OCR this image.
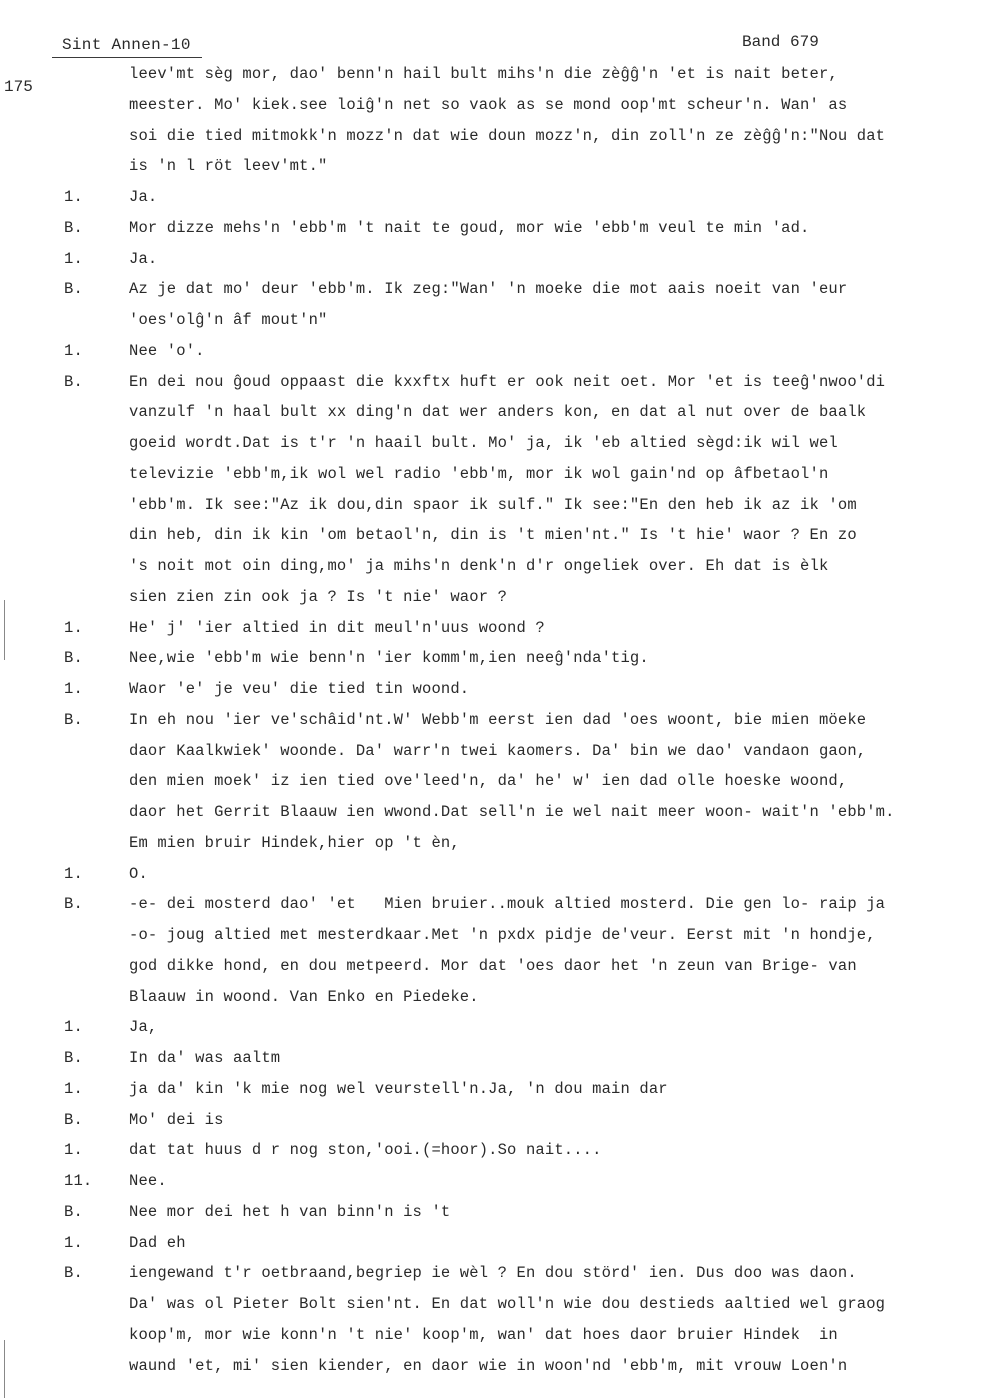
Sint Annen-10	Band 679
175
leev'mt sèg mor, dao' benn'n hail bult mihs'n die zèĝĝ'n 'et is nait beter,
meester. Mo' kiek.see loiĝ'n net so vaok as se mond oop'mt scheur'n. Wan' as
soi die tied mitmokk'n mozz'n dat wie doun mozz'n, din zoll'n ze zèĝĝ'n:"Nou dat
is 'n l röt leev'mt."
1.	Ja.
B.	Mor dizze mehs'n 'ebb'm 't nait te goud, mor wie 'ebb'm veul te min 'ad.
1.	Ja.
B.	Az je dat mo' deur 'ebb'm. Ik zeg:"Wan' 'n moeke die mot aais noeit van 'eur
'oes'olĝ'n âf mout'n"
1.	Nee 'o'.
B.	En dei nou ĝoud oppaast die kxxftx huft er ook neit oet. Mor 'et is teeĝ'nwoo'di
vanzulf 'n haal bult xx ding'n dat wer anders kon, en dat al nut over de baalk
goeid wordt.Dat is t'r 'n haail bult. Mo' ja, ik 'eb altied sègd:ik wil wel
televizie 'ebb'm,ik wol wel radio 'ebb'm, mor ik wol gain'nd op âfbetaol'n
'ebb'm. Ik see:"Az ik dou,din spaor ik sulf." Ik see:"En den heb ik az ik 'om
din heb, din ik kin 'om betaol'n, din is 't mien'nt." Is 't hie' waor ? En zo
's noit mot oin ding,mo' ja mihs'n denk'n d'r ongeliek over. Eh dat is èlk
sien zien zin ook ja ? Is 't nie' waor ?
1.	He' j' 'ier altied in dit meul'n'uus woond ?
B.	Nee,wie 'ebb'm wie benn'n 'ier komm'm,ien neeĝ'nda'tig.
1.	Waor 'e' je veu' die tied tin woond.
B.	In eh nou 'ier ve'schâid'nt.W' Webb'm eerst ien dad 'oes woont, bie mien möeke
daor Kaalkwiek' woonde. Da' warr'n twei kaomers. Da' bin we dao' vandaon gaon,
den mien moek' iz ien tied ove'leed'n, da' he' w' ien dad olle hoeske woond,
daor het Gerrit Blaauw ien wwond.Dat sell'n ie wel nait meer woon- wait'n 'ebb'm.
Em mien bruir Hindek,hier op 't èn,
1.	O.
B.	-e- dei mosterd dao' 'et   Mien bruier..mouk altied mosterd. Die gen lo- raip ja
-o- joug altied met mesterdkaar.Met 'n pxdx pidje de'veur. Eerst mit 'n hondje,
god dikke hond, en dou metpeerd. Mor dat 'oes daor het 'n zeun van Brige- van
Blaauw in woond. Van Enko en Piedeke.
1.	Ja,
B.	In da' was aaltm
1.	ja da' kin 'k mie nog wel veurstell'n.Ja, 'n dou main dar
B.	Mo' dei is
1.	dat tat huus d r nog ston,'ooi.(=hoor).So nait....
11.	Nee.
B.	Nee mor dei het h van binn'n is 't
1.	Dad eh
B.	iengewand t'r oetbraand,begriep ie wèl ? En dou störd' ien. Dus doo was daon.
Da' was ol Pieter Bolt sien'nt. En dat woll'n wie dou destieds aaltied wel graog
koop'm, mor wie konn'n 't nie' koop'm, wan' dat hoes daor bruier Hindek  in
waund 'et, mi' sien kiender, en daor wie in woon'nd 'ebb'm, mit vrouw Loen'n
